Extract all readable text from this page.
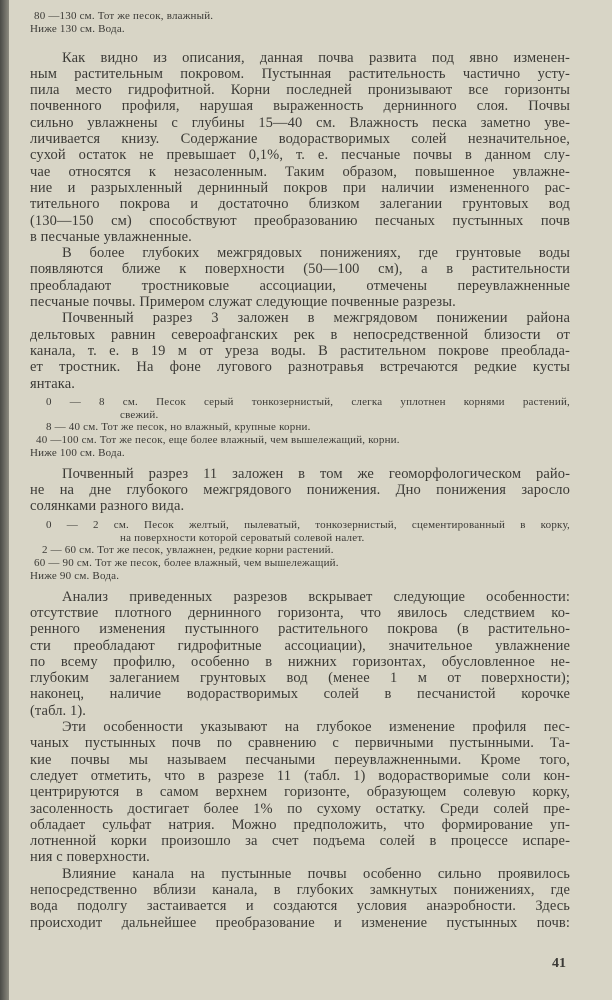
80 —130 см. Тот же песок, влажный.
Ниже 130 см. Вода.
Как видно из описания, данная почва развита под явно изменен-
ным растительным покровом. Пустынная растительность частично усту-
пила место гидрофитной. Корни последней пронизывают все горизонты
почвенного профиля, нарушая выраженность дернинного слоя. Почвы
сильно увлажнены с глубины 15—40 см. Влажность песка заметно уве-
личивается книзу. Содержание водорастворимых солей незначительное,
сухой остаток не превышает 0,1%, т. е. песчаные почвы в данном слу-
чае относятся к незасоленным. Таким образом, повышенное увлажне-
ние и разрыхленный дернинный покров при наличии измененного рас-
тительного покрова и достаточно близком залегании грунтовых вод
(130—150 см) способствуют преобразованию песчаных пустынных почв
в песчаные увлажненные.
В более глубоких межгрядовых понижениях, где грунтовые воды
появляются ближе к поверхности (50—100 см), а в растительности
преобладают тростниковые ассоциации, отмечены переувлажненные
песчаные почвы. Примером служат следующие почвенные разрезы.
Почвенный разрез 3 заложен в межгрядовом понижении района
дельтовых равнин североафганских рек в непосредственной близости от
канала, т. е. в 19 м от уреза воды. В растительном покрове преоблада-
ет тростник. На фоне лугового разнотравья встречаются редкие кусты
янтака.
0 — 8 см. Песок серый тонкозернистый, слегка уплотнен корнями растений,
свежий.
8 — 40 см. Тот же песок, но влажный, крупные корни.
40 —100 см. Тот же песок, еще более влажный, чем вышележащий, корни.
Ниже 100 см. Вода.
Почвенный разрез 11 заложен в том же геоморфологическом райо-
не на дне глубокого межгрядового понижения. Дно понижения заросло
солянками разного вида.
0 — 2 см. Песок желтый, пылеватый, тонкозернистый, сцементированный в корку,
на поверхности которой сероватый солевой налет.
2 — 60 см. Тот же песок, увлажнен, редкие корни растений.
60 — 90 см. Тот же песок, более влажный, чем вышележащий.
Ниже 90 см. Вода.
Анализ приведенных разрезов вскрывает следующие особенности:
отсутствие плотного дернинного горизонта, что явилось следствием ко-
ренного изменения пустынного растительного покрова (в растительно-
сти преобладают гидрофитные ассоциации), значительное увлажнение
по всему профилю, особенно в нижних горизонтах, обусловленное не-
глубоким залеганием грунтовых вод (менее 1 м от поверхности);
наконец, наличие водорастворимых солей в песчанистой корочке
(табл. 1).
Эти особенности указывают на глубокое изменение профиля пес-
чаных пустынных почв по сравнению с первичными пустынными. Та-
кие почвы мы называем песчаными переувлажненными. Кроме того,
следует отметить, что в разрезе 11 (табл. 1) водорастворимые соли кон-
центрируются в самом верхнем горизонте, образующем солевую корку,
засоленность достигает более 1% по сухому остатку. Среди солей пре-
обладает сульфат натрия. Можно предположить, что формирование уп-
лотненной корки произошло за счет подъема солей в процессе испаре-
ния с поверхности.
Влияние канала на пустынные почвы особенно сильно проявилось
непосредственно вблизи канала, в глубоких замкнутых понижениях, где
вода подолгу застаивается и создаются условия анаэробности. Здесь
происходит дальнейшее преобразование и изменение пустынных почв:
41
